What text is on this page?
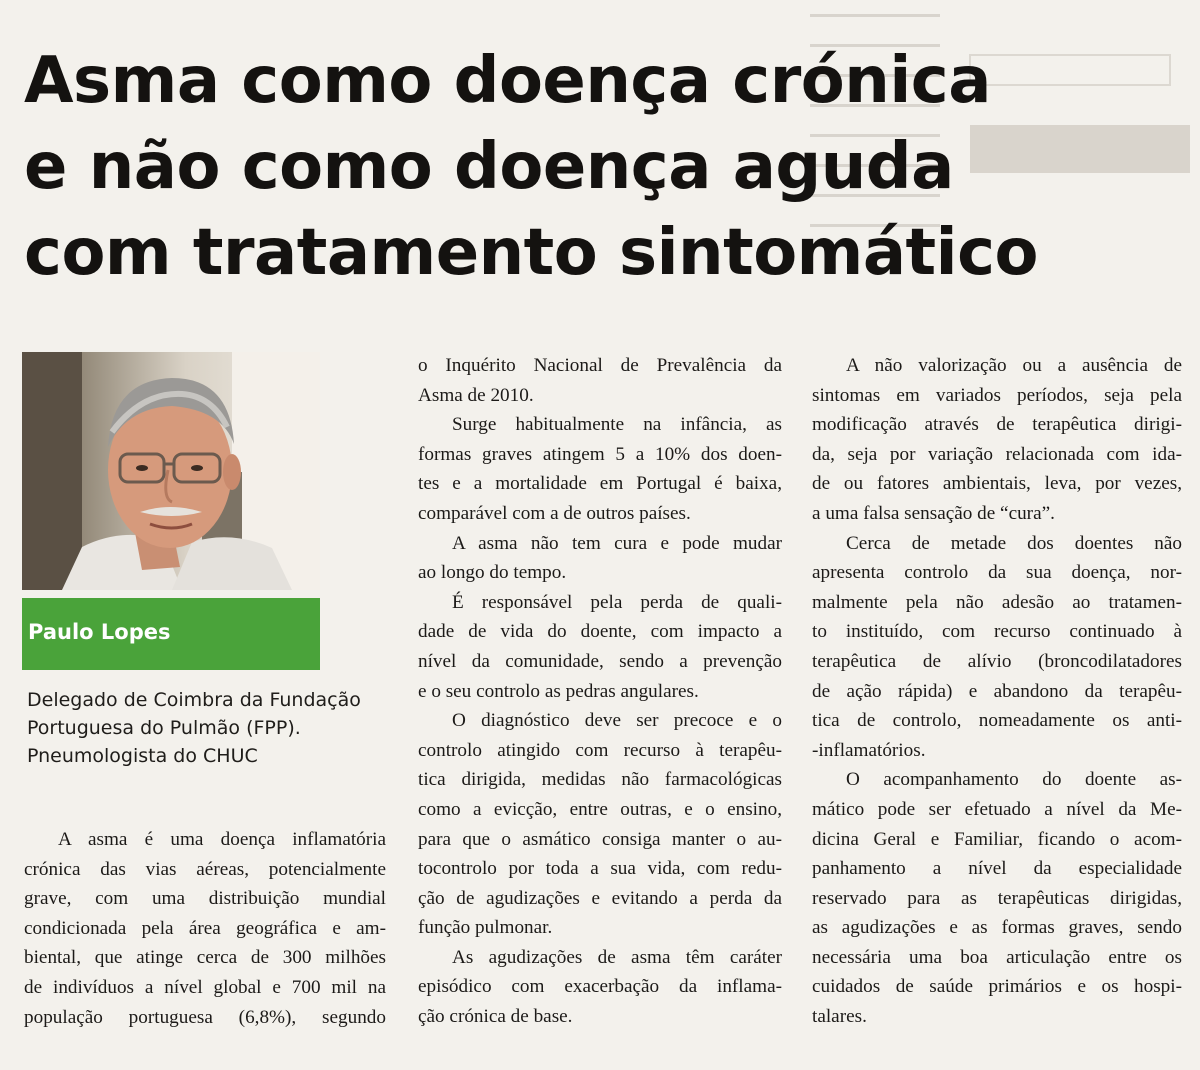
Asma como doença crónica
e não como doença aguda
com tratamento sintomático
Paulo Lopes
Delegado de Coimbra da Fundação
Portuguesa do Pulmão (FPP).
Pneumologista do CHUC
A asma é uma doença inflamatória
crónica das vias aéreas, potencialmente
grave, com uma distribuição mundial
condicionada pela área geográfica e am-
biental, que atinge cerca de 300 milhões
de indivíduos a nível global e 700 mil na
população portuguesa (6,8%), segundo
o Inquérito Nacional de Prevalência da
Asma de 2010.
Surge habitualmente na infância, as
formas graves atingem 5 a 10% dos doen-
tes e a mortalidade em Portugal é baixa,
comparável com a de outros países.
A asma não tem cura e pode mudar
ao longo do tempo.
É responsável pela perda de quali-
dade de vida do doente, com impacto a
nível da comunidade, sendo a prevenção
e o seu controlo as pedras angulares.
O diagnóstico deve ser precoce e o
controlo atingido com recurso à terapêu-
tica dirigida, medidas não farmacológicas
como a evicção, entre outras, e o ensino,
para que o asmático consiga manter o au-
tocontrolo por toda a sua vida, com redu-
ção de agudizações e evitando a perda da
função pulmonar.
As agudizações de asma têm caráter
episódico com exacerbação da inflama-
ção crónica de base.
A não valorização ou a ausência de
sintomas em variados períodos, seja pela
modificação através de terapêutica dirigi-
da, seja por variação relacionada com ida-
de ou fatores ambientais, leva, por vezes,
a uma falsa sensação de “cura”.
Cerca de metade dos doentes não
apresenta controlo da sua doença, nor-
malmente pela não adesão ao tratamen-
to instituído, com recurso continuado à
terapêutica de alívio (broncodilatadores
de ação rápida) e abandono da terapêu-
tica de controlo, nomeadamente os anti-
-inflamatórios.
O acompanhamento do doente as-
mático pode ser efetuado a nível da Me-
dicina Geral e Familiar, ficando o acom-
panhamento a nível da especialidade
reservado para as terapêuticas dirigidas,
as agudizações e as formas graves, sendo
necessária uma boa articulação entre os
cuidados de saúde primários e os hospi-
talares.
